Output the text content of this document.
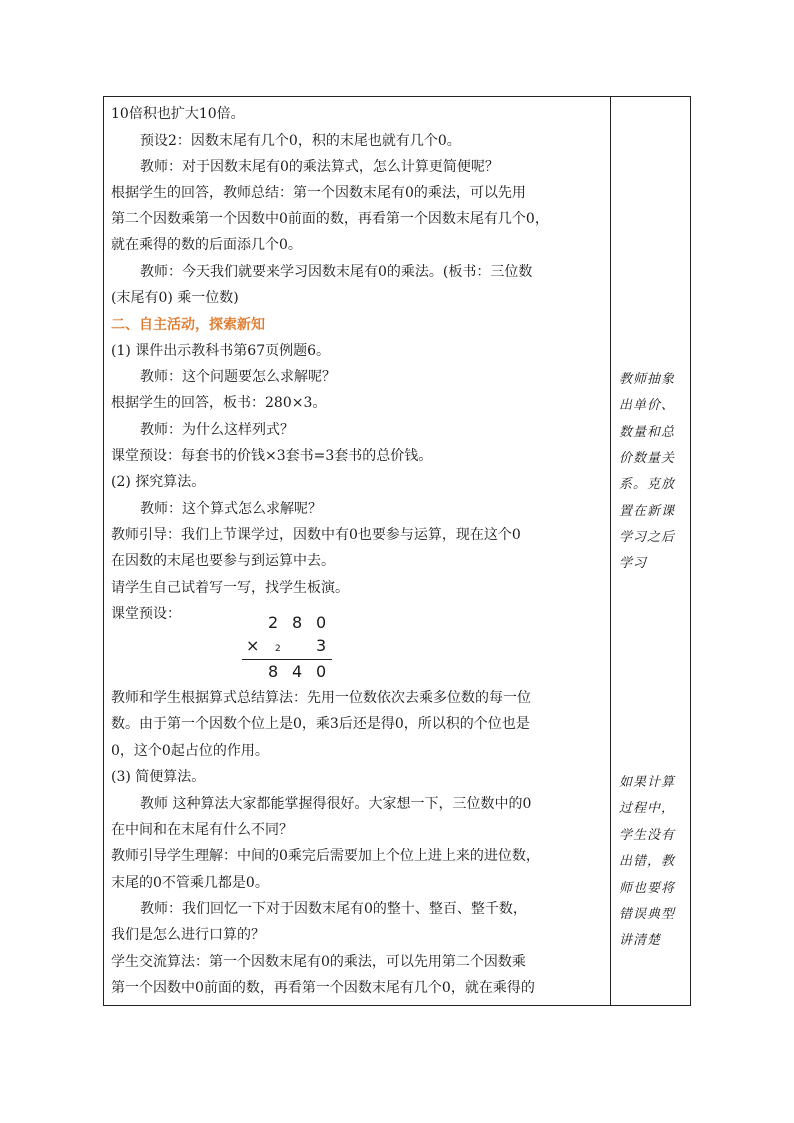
10倍积也扩大10倍。
预设2：因数末尾有几个0，积的末尾也就有几个0。
教师：对于因数末尾有0的乘法算式，怎么计算更简便呢？
根据学生的回答，教师总结：第一个因数末尾有0的乘法，可以先用
第二个因数乘第一个因数中0前面的数，再看第一个因数末尾有几个0，
就在乘得的数的后面添几个0。
教师：今天我们就要来学习因数末尾有0的乘法。(板书：三位数
(末尾有0) 乘一位数)
二、自主活动，探索新知
(1) 课件出示教科书第67页例题6。
教师：这个问题要怎么求解呢？
根据学生的回答，板书：280×3。
教师：为什么这样列式？
课堂预设：每套书的价钱×3套书=3套书的总价钱。
(2) 探究算法。
教师：这个算式怎么求解呢？
教师引导：我们上节课学过，因数中有0也要参与运算，现在这个0
在因数的末尾也要参与到运算中去。
请学生自己试着写一写，找学生板演。
课堂预设：	2 8 0
× 2 3
8 4 0
教师和学生根据算式总结算法：先用一位数依次去乘多位数的每一位
数。由于第一个因数个位上是0，乘3后还是得0，所以积的个位也是
0，这个0起占位的作用。
(3) 简便算法。
教师 这种算法大家都能掌握得很好。大家想一下，三位数中的0
在中间和在末尾有什么不同？
教师引导学生理解：中间的0乘完后需要加上个位上进上来的进位数，
末尾的0不管乘几都是0。
教师：我们回忆一下对于因数末尾有0的整十、整百、整千数，
我们是怎么进行口算的？
学生交流算法：第一个因数末尾有0的乘法，可以先用第二个因数乘
第一个因数中0前面的数，再看第一个因数末尾有几个0，就在乘得的
教师抽象
出单价、
数量和总
价数量关
系。克放
置在新课
学习之后
学习
如果计算
过程中，
学生没有
出错，教
师也要将
错误典型
讲清楚
